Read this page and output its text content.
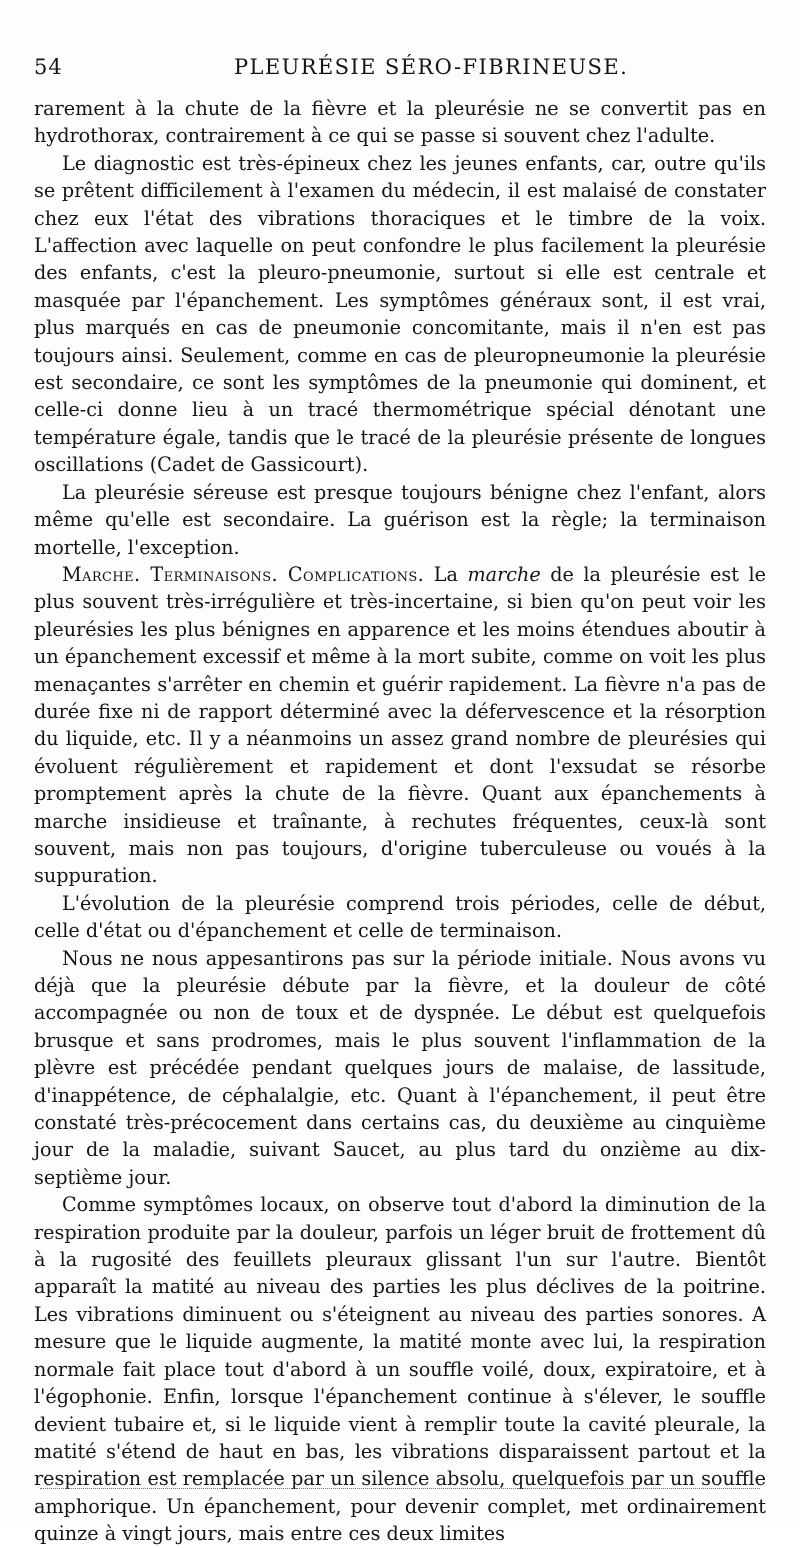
54	PLEURÉSIE SÉRO-FIBRINEUSE.

rarement à la chute de la fièvre et la pleurésie ne se convertit pas en hydrothorax, contrairement à ce qui se passe si souvent chez l'adulte.

Le diagnostic est très-épineux chez les jeunes enfants, car, outre qu'ils se prêtent difficilement à l'examen du médecin, il est malaisé de constater chez eux l'état des vibrations thoraciques et le timbre de la voix. L'affection avec laquelle on peut confondre le plus facilement la pleurésie des enfants, c'est la pleuro-pneumonie, surtout si elle est centrale et masquée par l'épanchement. Les symptômes généraux sont, il est vrai, plus marqués en cas de pneumonie concomitante, mais il n'en est pas toujours ainsi. Seulement, comme en cas de pleuropneumonie la pleurésie est secondaire, ce sont les symptômes de la pneumonie qui dominent, et celle-ci donne lieu à un tracé thermométrique spécial dénotant une température égale, tandis que le tracé de la pleurésie présente de longues oscillations (Cadet de Gassicourt).

La pleurésie séreuse est presque toujours bénigne chez l'enfant, alors même qu'elle est secondaire. La guérison est la règle; la terminaison mortelle, l'exception.

Marche. Terminaisons. Complications. La marche de la pleurésie est le plus souvent très-irrégulière et très-incertaine, si bien qu'on peut voir les pleurésies les plus bénignes en apparence et les moins étendues aboutir à un épanchement excessif et même à la mort subite, comme on voit les plus menaçantes s'arrêter en chemin et guérir rapidement. La fièvre n'a pas de durée fixe ni de rapport déterminé avec la défervescence et la résorption du liquide, etc. Il y a néanmoins un assez grand nombre de pleurésies qui évoluent régulièrement et rapidement et dont l'exsudat se résorbe promptement après la chute de la fièvre. Quant aux épanchements à marche insidieuse et traînante, à rechutes fréquentes, ceux-là sont souvent, mais non pas toujours, d'origine tuberculeuse ou voués à la suppuration.

L'évolution de la pleurésie comprend trois périodes, celle de début, celle d'état ou d'épanchement et celle de terminaison.

Nous ne nous appesantirons pas sur la période initiale. Nous avons vu déjà que la pleurésie débute par la fièvre, et la douleur de côté accompagnée ou non de toux et de dyspnée. Le début est quelquefois brusque et sans prodromes, mais le plus souvent l'inflammation de la plèvre est précédée pendant quelques jours de malaise, de lassitude, d'inappétence, de céphalalgie, etc. Quant à l'épanchement, il peut être constaté très-précocement dans certains cas, du deuxième au cinquième jour de la maladie, suivant Saucet, au plus tard du onzième au dix-septième jour.

Comme symptômes locaux, on observe tout d'abord la diminution de la respiration produite par la douleur, parfois un léger bruit de frottement dû à la rugosité des feuillets pleuraux glissant l'un sur l'autre. Bientôt apparaît la matité au niveau des parties les plus déclives de la poitrine. Les vibrations diminuent ou s'éteignent au niveau des parties sonores. A mesure que le liquide augmente, la matité monte avec lui, la respiration normale fait place tout d'abord à un souffle voilé, doux, expiratoire, et à l'égophonie. Enfin, lorsque l'épanchement continue à s'élever, le souffle devient tubaire et, si le liquide vient à remplir toute la cavité pleurale, la matité s'étend de haut en bas, les vibrations disparaissent partout et la respiration est remplacée par un silence absolu, quelquefois par un souffle amphorique. Un épanchement, pour devenir complet, met ordinairement quinze à vingt jours, mais entre ces deux limites
